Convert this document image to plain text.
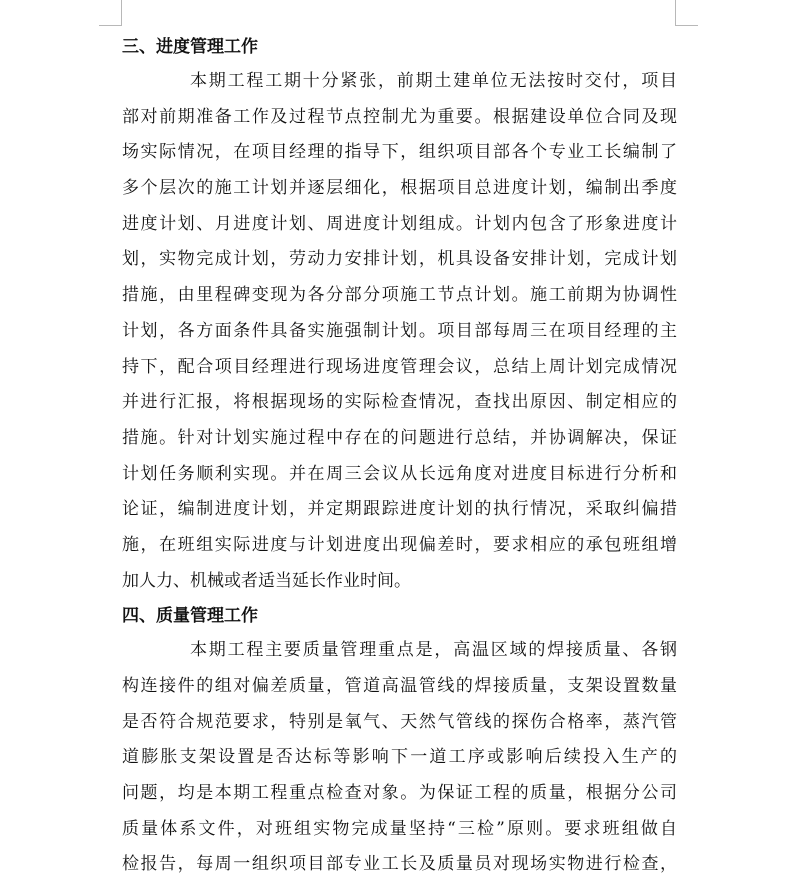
三、进度管理工作
本期工程工期十分紧张，前期土建单位无法按时交付，项目
部对前期准备工作及过程节点控制尤为重要。根据建设单位合同及现
场实际情况，在项目经理的指导下，组织项目部各个专业工长编制了
多个层次的施工计划并逐层细化，根据项目总进度计划，编制出季度
进度计划、月进度计划、周进度计划组成。计划内包含了形象进度计
划，实物完成计划，劳动力安排计划，机具设备安排计划，完成计划
措施，由里程碑变现为各分部分项施工节点计划。施工前期为协调性
计划，各方面条件具备实施强制计划。项目部每周三在项目经理的主
持下，配合项目经理进行现场进度管理会议，总结上周计划完成情况
并进行汇报，将根据现场的实际检查情况，查找出原因、制定相应的
措施。针对计划实施过程中存在的问题进行总结，并协调解决，保证
计划任务顺利实现。并在周三会议从长远角度对进度目标进行分析和
论证，编制进度计划，并定期跟踪进度计划的执行情况，采取纠偏措
施，在班组实际进度与计划进度出现偏差时，要求相应的承包班组增
加人力、机械或者适当延长作业时间。
四、质量管理工作
本期工程主要质量管理重点是，高温区域的焊接质量、各钢
构连接件的组对偏差质量，管道高温管线的焊接质量，支架设置数量
是否符合规范要求，特别是氧气、天然气管线的探伤合格率，蒸汽管
道膨胀支架设置是否达标等影响下一道工序或影响后续投入生产的
问题，均是本期工程重点检查对象。为保证工程的质量，根据分公司
质量体系文件，对班组实物完成量坚持“三检”原则。要求班组做自
检报告，每周一组织项目部专业工长及质量员对现场实物进行检查，
